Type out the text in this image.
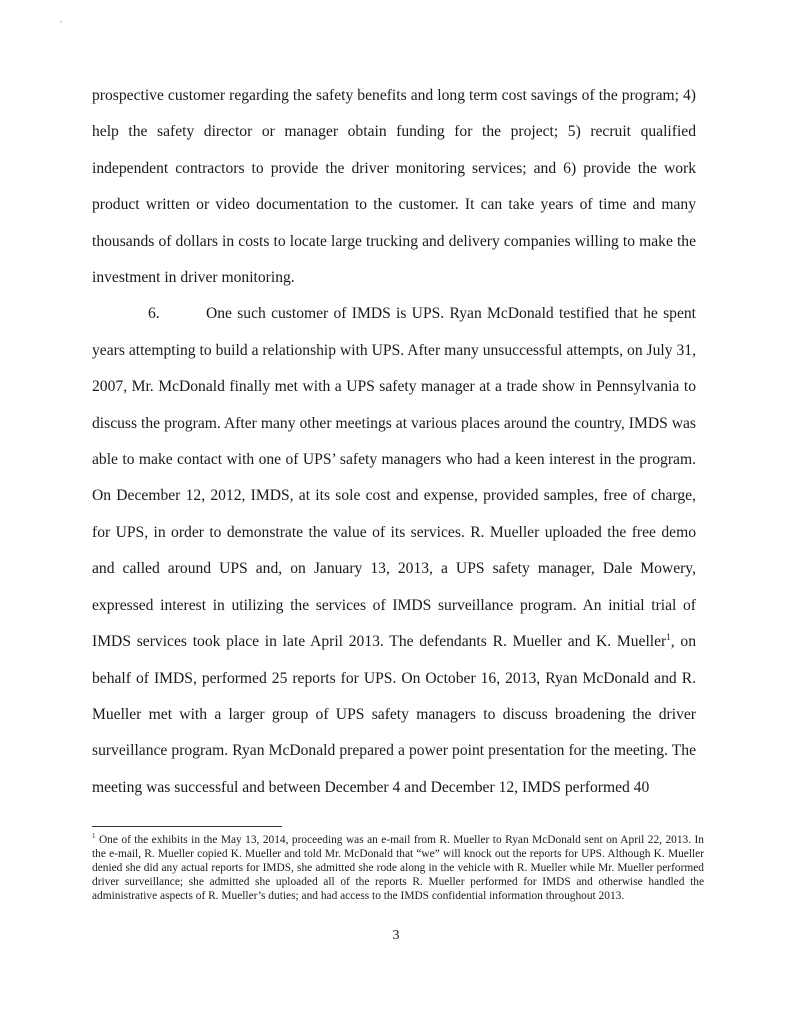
prospective customer regarding the safety benefits and long term cost savings of the program; 4) help the safety director or manager obtain funding for the project; 5) recruit qualified independent contractors to provide the driver monitoring services; and 6) provide the work product written or video documentation to the customer. It can take years of time and many thousands of dollars in costs to locate large trucking and delivery companies willing to make the investment in driver monitoring.

6.	One such customer of IMDS is UPS. Ryan McDonald testified that he spent years attempting to build a relationship with UPS. After many unsuccessful attempts, on July 31, 2007, Mr. McDonald finally met with a UPS safety manager at a trade show in Pennsylvania to discuss the program. After many other meetings at various places around the country, IMDS was able to make contact with one of UPS’ safety managers who had a keen interest in the program. On December 12, 2012, IMDS, at its sole cost and expense, provided samples, free of charge, for UPS, in order to demonstrate the value of its services. R. Mueller uploaded the free demo and called around UPS and, on January 13, 2013, a UPS safety manager, Dale Mowery, expressed interest in utilizing the services of IMDS surveillance program. An initial trial of IMDS services took place in late April 2013. The defendants R. Mueller and K. Mueller$^1$, on behalf of IMDS, performed 25 reports for UPS. On October 16, 2013, Ryan McDonald and R. Mueller met with a larger group of UPS safety managers to discuss broadening the driver surveillance program. Ryan McDonald prepared a power point presentation for the meeting. The meeting was successful and between December 4 and December 12, IMDS performed 40

$^1$ One of the exhibits in the May 13, 2014, proceeding was an e-mail from R. Mueller to Ryan McDonald sent on April 22, 2013. In the e-mail, R. Mueller copied K. Mueller and told Mr. McDonald that “we” will knock out the reports for UPS. Although K. Mueller denied she did any actual reports for IMDS, she admitted she rode along in the vehicle with R. Mueller while Mr. Mueller performed driver surveillance; she admitted she uploaded all of the reports R. Mueller performed for IMDS and otherwise handled the administrative aspects of R. Mueller’s duties; and had access to the IMDS confidential information throughout 2013.
3
